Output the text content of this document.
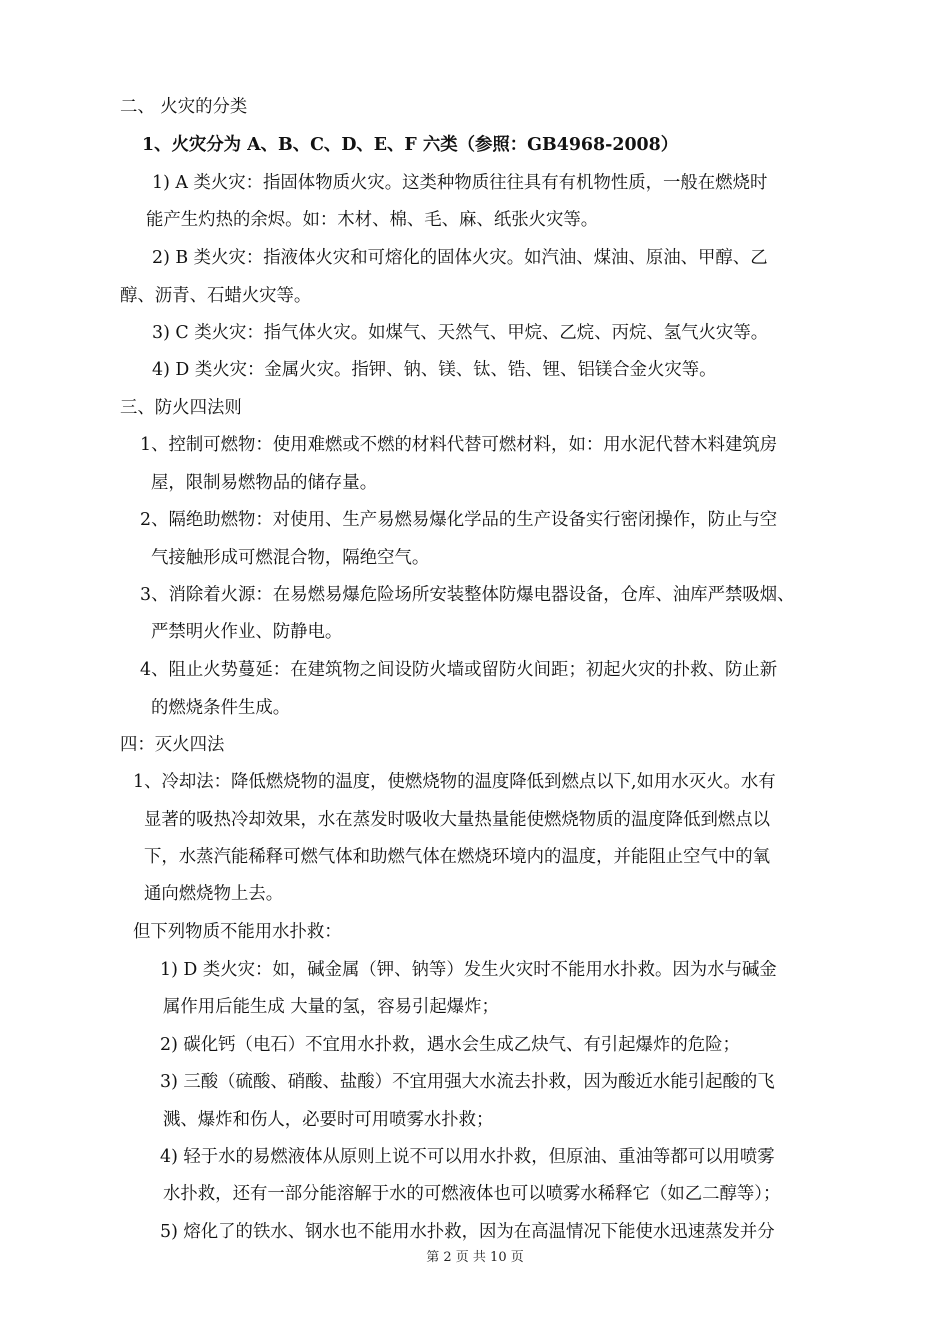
二、 火灾的分类
1、火灾分为 A、B、C、D、E、F 六类（参照：GB4968-2008）
1) A 类火灾：指固体物质火灾。这类种物质往往具有有机物性质，一般在燃烧时
能产生灼热的余烬。如：木材、棉、毛、麻、纸张火灾等。
2) B 类火灾：指液体火灾和可熔化的固体火灾。如汽油、煤油、原油、甲醇、乙
醇、沥青、石蜡火灾等。
3) C 类火灾：指气体火灾。如煤气、天然气、甲烷、乙烷、丙烷、氢气火灾等。
4) D 类火灾：金属火灾。指钾、钠、镁、钛、锆、锂、铝镁合金火灾等。
三、防火四法则
1、控制可燃物：使用难燃或不燃的材料代替可燃材料，如：用水泥代替木料建筑房
屋，限制易燃物品的储存量。
2、隔绝助燃物：对使用、生产易燃易爆化学品的生产设备实行密闭操作，防止与空
气接触形成可燃混合物，隔绝空气。
3、消除着火源：在易燃易爆危险场所安装整体防爆电器设备，仓库、油库严禁吸烟、
严禁明火作业、防静电。
4、阻止火势蔓延：在建筑物之间设防火墙或留防火间距；初起火灾的扑救、防止新
的燃烧条件生成。
四：灭火四法
1、冷却法：降低燃烧物的温度，使燃烧物的温度降低到燃点以下,如用水灭火。水有
显著的吸热冷却效果，水在蒸发时吸收大量热量能使燃烧物质的温度降低到燃点以
下，水蒸汽能稀释可燃气体和助燃气体在燃烧环境内的温度，并能阻止空气中的氧
通向燃烧物上去。
但下列物质不能用水扑救：
1) D 类火灾：如，碱金属（钾、钠等）发生火灾时不能用水扑救。因为水与碱金
属作用后能生成 大量的氢，容易引起爆炸；
2) 碳化钙（电石）不宜用水扑救，遇水会生成乙炔气、有引起爆炸的危险；
3) 三酸（硫酸、硝酸、盐酸）不宜用强大水流去扑救，因为酸近水能引起酸的飞
溅、爆炸和伤人，必要时可用喷雾水扑救；
4) 轻于水的易燃液体从原则上说不可以用水扑救，但原油、重油等都可以用喷雾
水扑救，还有一部分能溶解于水的可燃液体也可以喷雾水稀释它（如乙二醇等）；
5) 熔化了的铁水、钢水也不能用水扑救，因为在高温情况下能使水迅速蒸发并分
第 2 页 共 10 页
